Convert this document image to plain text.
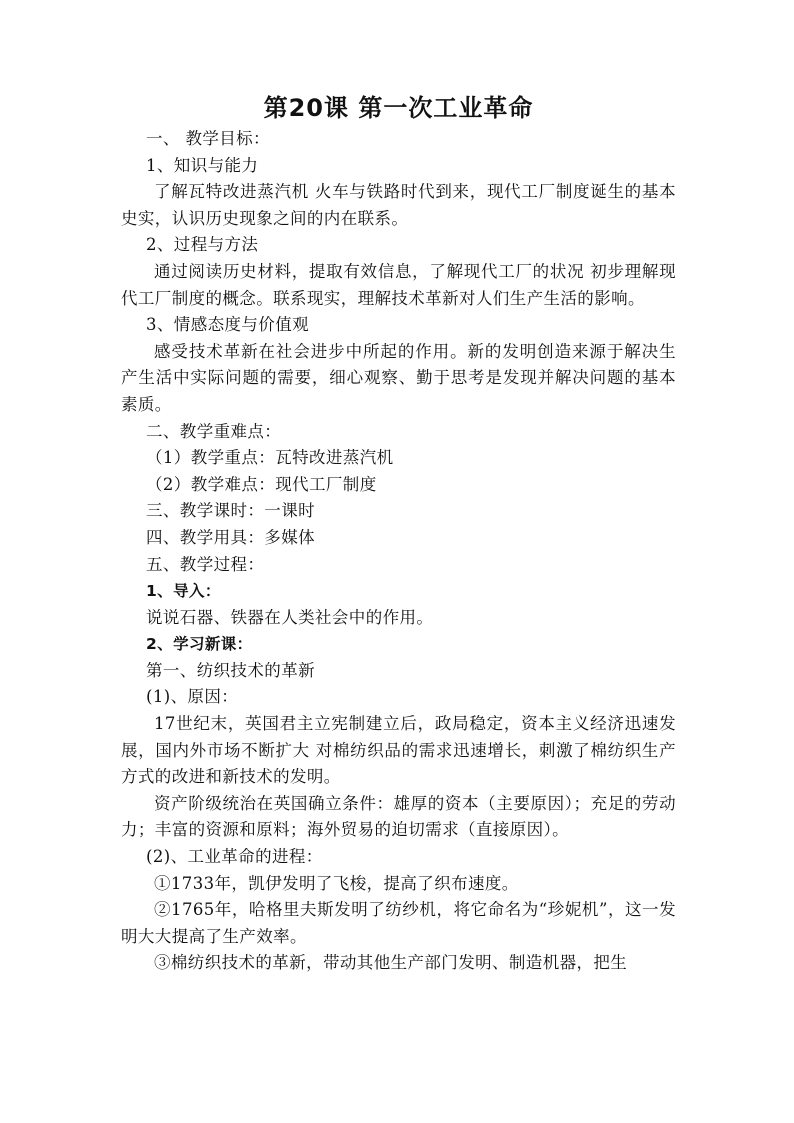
第20课 第一次工业革命

一、 教学目标：

1、知识与能力

了解瓦特改进蒸汽机 火车与铁路时代到来，现代工厂制度诞生的基本史实，认识历史现象之间的内在联系。

2、过程与方法

通过阅读历史材料，提取有效信息，了解现代工厂的状况 初步理解现代工厂制度的概念。联系现实，理解技术革新对人们生产生活的影响。

3、情感态度与价值观

感受技术革新在社会进步中所起的作用。新的发明创造来源于解决生产生活中实际问题的需要，细心观察、勤于思考是发现并解决问题的基本素质。

二、教学重难点：

（1）教学重点：瓦特改进蒸汽机

（2）教学难点：现代工厂制度

三、教学课时：一课时

四、教学用具：多媒体

五、教学过程：

1、导入：

说说石器、铁器在人类社会中的作用。

2、学习新课：

第一、纺织技术的革新

(1)、原因：

17世纪末，英国君主立宪制建立后，政局稳定，资本主义经济迅速发展，国内外市场不断扩大 对棉纺织品的需求迅速增长，刺激了棉纺织生产方式的改进和新技术的发明。

资产阶级统治在英国确立条件：雄厚的资本（主要原因）；充足的劳动力；丰富的资源和原料；海外贸易的迫切需求（直接原因）。

(2)、工业革命的进程：

①1733年，凯伊发明了飞梭，提高了织布速度。

②1765年，哈格里夫斯发明了纺纱机，将它命名为“珍妮机”，这一发明大大提高了生产效率。

③棉纺织技术的革新，带动其他生产部门发明、制造机器，把生
